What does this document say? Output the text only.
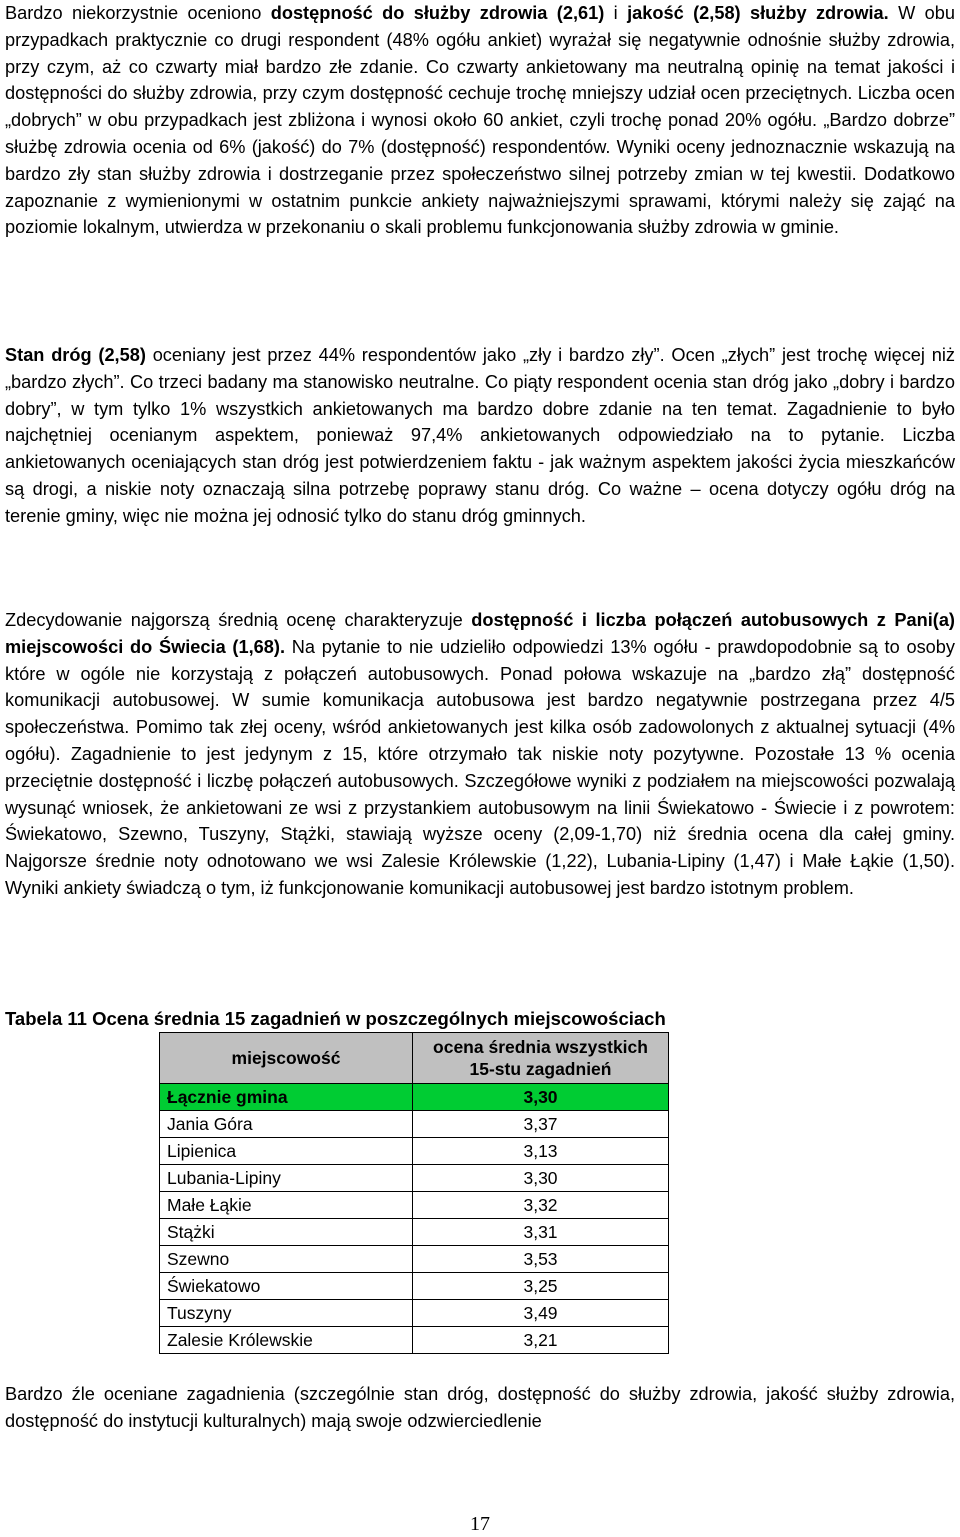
Bardzo niekorzystnie oceniono dostępność do służby zdrowia (2,61) i jakość (2,58) służby zdrowia. W obu przypadkach praktycznie co drugi respondent (48% ogółu ankiet) wyrażał się negatywnie odnośnie służby zdrowia, przy czym, aż co czwarty miał bardzo złe zdanie. Co czwarty ankietowany ma neutralną opinię na temat jakości i dostępności do służby zdrowia, przy czym dostępność cechuje trochę mniejszy udział ocen przeciętnych. Liczba ocen „dobrych” w obu przypadkach jest zbliżona i wynosi około 60 ankiet, czyli trochę ponad 20% ogółu. „Bardzo dobrze” służbę zdrowia ocenia od 6% (jakość) do 7% (dostępność) respondentów. Wyniki oceny jednoznacznie wskazują na bardzo zły stan służby zdrowia i dostrzeganie przez społeczeństwo silnej potrzeby zmian w tej kwestii. Dodatkowo zapoznanie z wymienionymi w ostatnim punkcie ankiety najważniejszymi sprawami, którymi należy się zająć na poziomie lokalnym, utwierdza w przekonaniu o skali problemu funkcjonowania służby zdrowia w gminie.

Stan dróg (2,58) oceniany jest przez 44% respondentów jako „zły i bardzo zły”. Ocen „złych” jest trochę więcej niż „bardzo złych”. Co trzeci badany ma stanowisko neutralne. Co piąty respondent ocenia stan dróg jako „dobry i bardzo dobry”, w tym tylko 1% wszystkich ankietowanych ma bardzo dobre zdanie na ten temat. Zagadnienie to było najchętniej ocenianym aspektem, ponieważ 97,4% ankietowanych odpowiedziało na to pytanie. Liczba ankietowanych oceniających stan dróg jest potwierdzeniem faktu - jak ważnym aspektem jakości życia mieszkańców są drogi, a niskie noty oznaczają silna potrzebę poprawy stanu dróg. Co ważne – ocena dotyczy ogółu dróg na terenie gminy, więc nie można jej odnosić tylko do stanu dróg gminnych.

Zdecydowanie najgorszą średnią ocenę charakteryzuje dostępność i liczba połączeń autobusowych z Pani(a) miejscowości do Świecia (1,68). Na pytanie to nie udzieliło odpowiedzi 13% ogółu - prawdopodobnie są to osoby które w ogóle nie korzystają z połączeń autobusowych. Ponad połowa wskazuje na „bardzo złą” dostępność komunikacji autobusowej. W sumie komunikacja autobusowa jest bardzo negatywnie postrzegana przez 4/5 społeczeństwa. Pomimo tak złej oceny, wśród ankietowanych jest kilka osób zadowolonych z aktualnej sytuacji (4% ogółu). Zagadnienie to jest jedynym z 15, które otrzymało tak niskie noty pozytywne. Pozostałe 13 % ocenia przeciętnie dostępność i liczbę połączeń autobusowych. Szczegółowe wyniki z podziałem na miejscowości pozwalają wysunąć wniosek, że ankietowani ze wsi z przystankiem autobusowym na linii Świekatowo - Świecie i z powrotem: Świekatowo, Szewno, Tuszyny, Stążki, stawiają wyższe oceny (2,09-1,70) niż średnia ocena dla całej gminy. Najgorsze średnie noty odnotowano we wsi Zalesie Królewskie (1,22), Lubania-Lipiny (1,47) i Małe Łąkie (1,50). Wyniki ankiety świadczą o tym, iż funkcjonowanie komunikacji autobusowej jest bardzo istotnym problem.

Tabela 11 Ocena średnia 15 zagadnień w poszczególnych miejscowościach

Bardzo źle oceniane zagadnienia (szczególnie stan dróg, dostępność do służby zdrowia, jakość służby zdrowia, dostępność do instytucji kulturalnych) mają swoje odzwierciedlenie

miejscowość	ocena średnia wszystkich
15-stu zagadnień
Łącznie gmina	3,30
Jania Góra	3,37
Lipienica	3,13
Lubania-Lipiny	3,30
Małe Łąkie	3,32
Stążki	3,31
Szewno	3,53
Świekatowo	3,25
Tuszyny	3,49
Zalesie Królewskie	3,21
17
